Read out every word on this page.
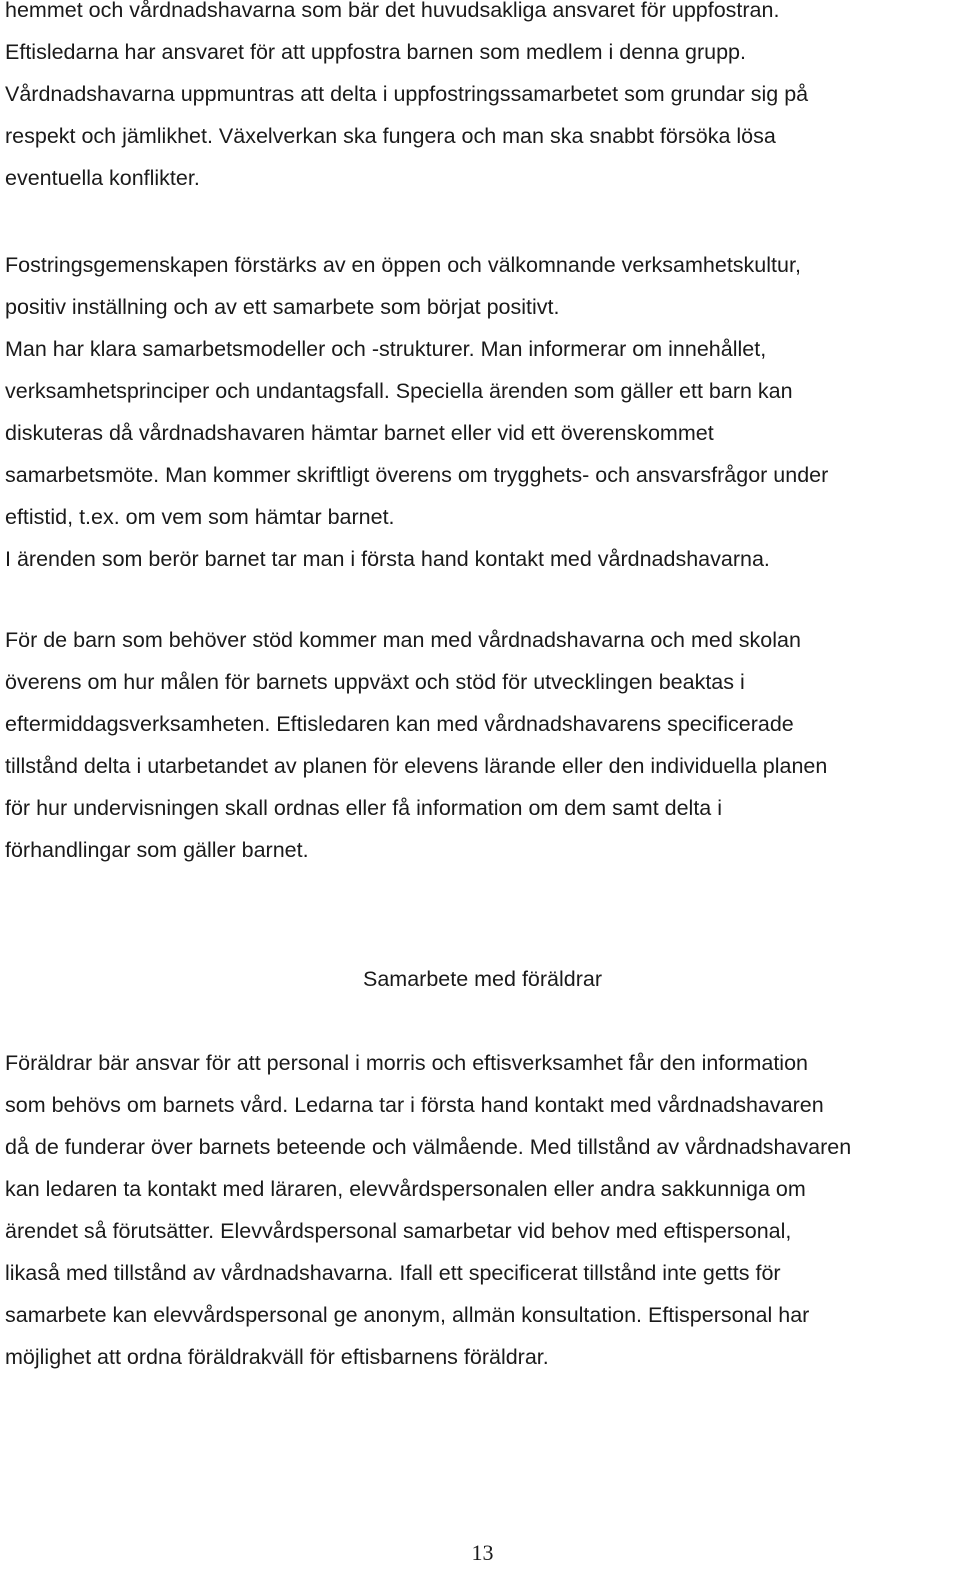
hemmet och vårdnadshavarna som bär det huvudsakliga ansvaret för uppfostran.
Eftisledarna har ansvaret för att uppfostra barnen som medlem i denna grupp.
Vårdnadshavarna uppmuntras att delta i uppfostringssamarbetet som grundar sig på
respekt och jämlikhet. Växelverkan ska fungera och man ska snabbt försöka lösa
eventuella konflikter.

Fostringsgemenskapen förstärks av en öppen och välkomnande verksamhetskultur,
positiv inställning och av ett samarbete som börjat positivt.
Man har klara samarbetsmodeller och -strukturer. Man informerar om innehållet,
verksamhetsprinciper och undantagsfall. Speciella ärenden som gäller ett barn kan
diskuteras då vårdnadshavaren hämtar barnet eller vid ett överenskommet
samarbetsmöte. Man kommer skriftligt överens om trygghets- och ansvarsfrågor under
eftistid, t.ex. om vem som hämtar barnet.
I ärenden som berör barnet tar man i första hand kontakt med vårdnadshavarna.

För de barn som behöver stöd kommer man med vårdnadshavarna och med skolan
överens om hur målen för barnets uppväxt och stöd för utvecklingen beaktas i
eftermiddagsverksamheten. Eftisledaren kan med vårdnadshavarens specificerade
tillstånd delta i utarbetandet av planen för elevens lärande eller den individuella planen
för hur undervisningen skall ordnas eller få information om dem samt delta i
förhandlingar som gäller barnet.

Samarbete med föräldrar

Föräldrar bär ansvar för att personal i morris och eftisverksamhet får den information
som behövs om barnets vård. Ledarna tar i första hand kontakt med vårdnadshavaren
då de funderar över barnets beteende och välmående. Med tillstånd av vårdnadshavaren
kan ledaren ta kontakt med läraren, elevvårdspersonalen eller andra sakkunniga om
ärendet så förutsätter. Elevvårdspersonal samarbetar vid behov med eftispersonal,
likaså med tillstånd av vårdnadshavarna. Ifall ett specificerat tillstånd inte getts för
samarbete kan elevvårdspersonal ge anonym, allmän konsultation. Eftispersonal har
möjlighet att ordna föräldrakväll för eftisbarnens föräldrar.

13
